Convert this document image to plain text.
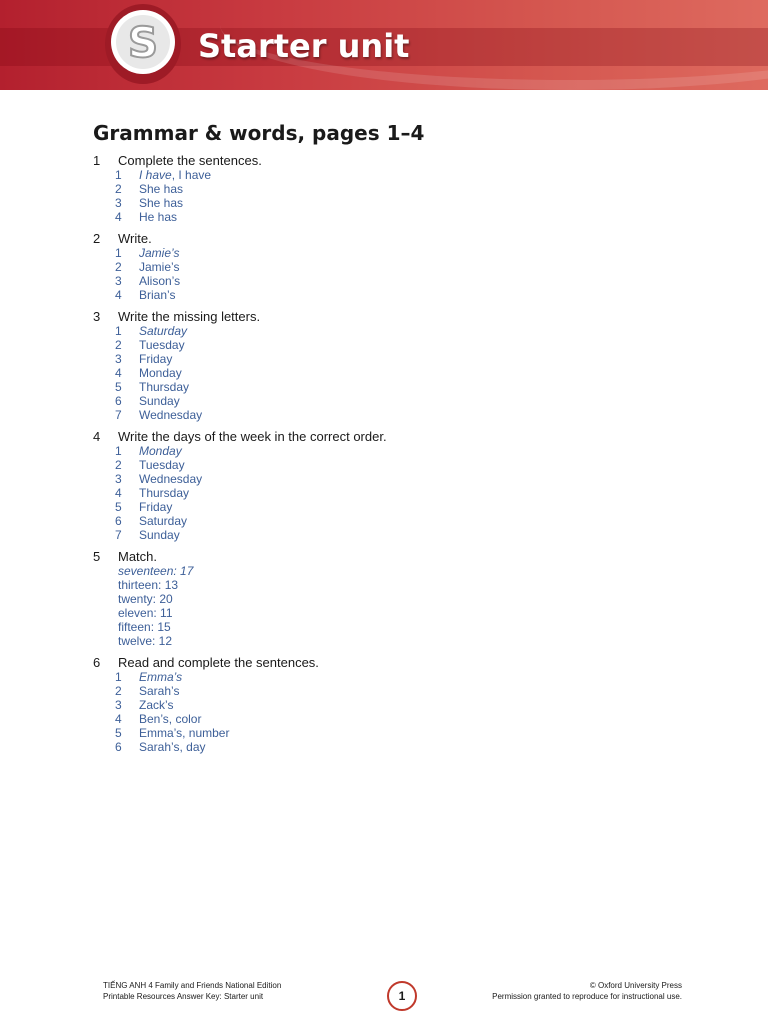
S	Starter unit
Grammar & words, pages 1–4
1 Complete the sentences.
1 I have, I have
2 She has
3 She has
4 He has
2 Write.
1 Jamie’s
2 Jamie’s
3 Alison’s
4 Brian’s
3 Write the missing letters.
1 Saturday
2 Tuesday
3 Friday
4 Monday
5 Thursday
6 Sunday
7 Wednesday
4 Write the days of the week in the correct order.
1 Monday
2 Tuesday
3 Wednesday
4 Thursday
5 Friday
6 Saturday
7 Sunday
5 Match.
seventeen: 17
thirteen: 13
twenty: 20
eleven: 11
fifteen: 15
twelve: 12
6 Read and complete the sentences.
1 Emma’s
2 Sarah’s
3 Zack’s
4 Ben’s, color
5 Emma’s, number
6 Sarah’s, day
TIẾNG ANH 4 Family and Friends National Edition
Printable Resources Answer Key: Starter unit	1
© Oxford University Press
Permission granted to reproduce for instructional use.
